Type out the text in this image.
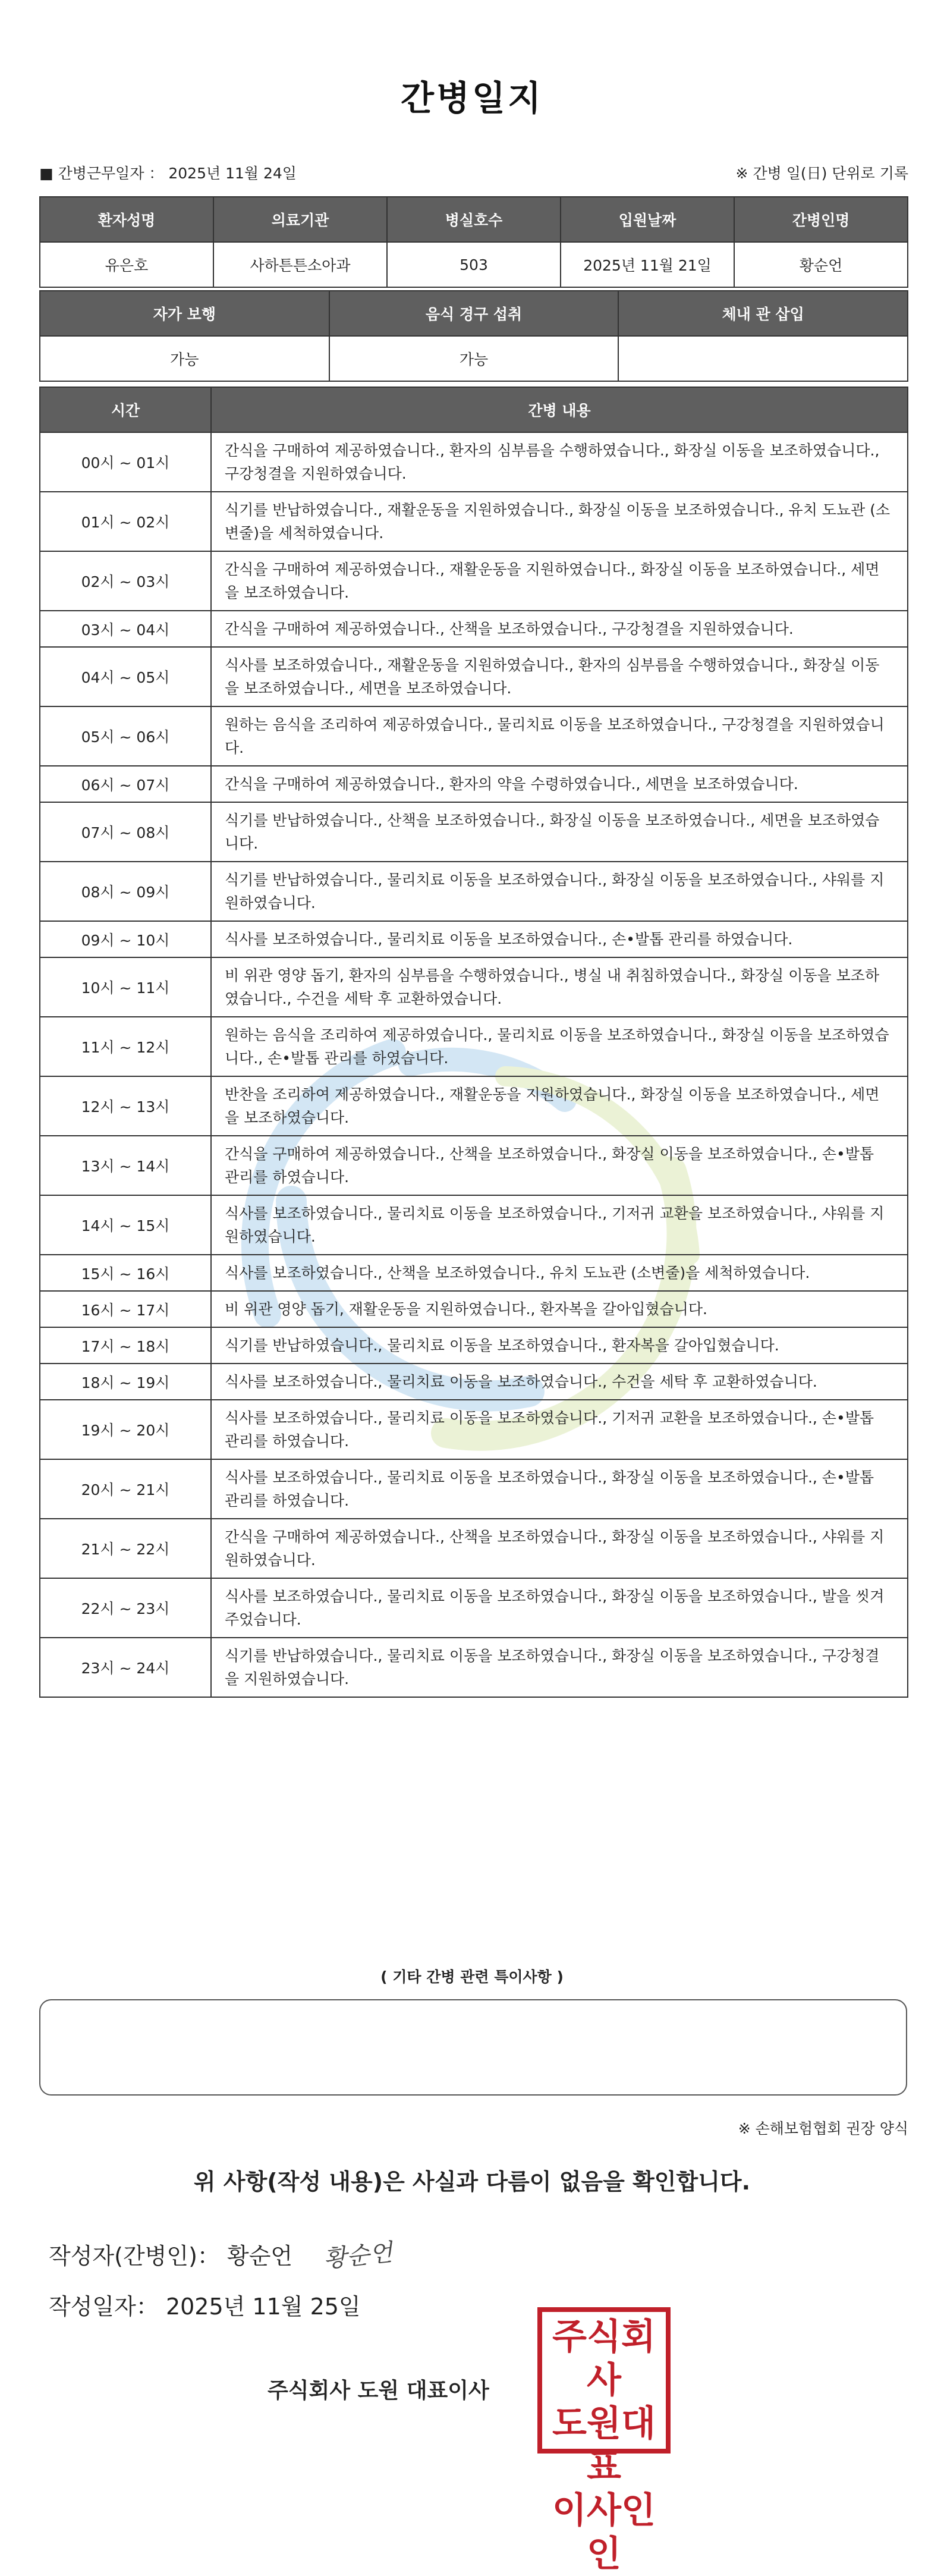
간병일지
■ 간병근무일자 ： 2025년 11월 24일	※ 간병 일(日) 단위로 기록
환자성명	의료기관	병실호수	입원날짜	간병인명
유은호	사하튼튼소아과	503	2025년 11월 21일	황순언
자가 보행	음식 경구 섭취	체내 관 삽입
가능	가능	
시간	간병 내용
00시 ~ 01시	간식을 구매하여 제공하였습니다., 환자의 심부름을 수행하였습니다., 화장실 이동을 보조하였습니다., 구강청결을 지원하였습니다.
01시 ~ 02시	식기를 반납하였습니다., 재활운동을 지원하였습니다., 화장실 이동을 보조하였습니다., 유치 도뇨관 (소변줄)을 세척하였습니다.
02시 ~ 03시	간식을 구매하여 제공하였습니다., 재활운동을 지원하였습니다., 화장실 이동을 보조하였습니다., 세면을 보조하였습니다.
03시 ~ 04시	간식을 구매하여 제공하였습니다., 산책을 보조하였습니다., 구강청결을 지원하였습니다.
04시 ~ 05시	식사를 보조하였습니다., 재활운동을 지원하였습니다., 환자의 심부름을 수행하였습니다., 화장실 이동을 보조하였습니다., 세면을 보조하였습니다.
05시 ~ 06시	원하는 음식을 조리하여 제공하였습니다., 물리치료 이동을 보조하였습니다., 구강청결을 지원하였습니다.
06시 ~ 07시	간식을 구매하여 제공하였습니다., 환자의 약을 수령하였습니다., 세면을 보조하였습니다.
07시 ~ 08시	식기를 반납하였습니다., 산책을 보조하였습니다., 화장실 이동을 보조하였습니다., 세면을 보조하였습니다.
08시 ~ 09시	식기를 반납하였습니다., 물리치료 이동을 보조하였습니다., 화장실 이동을 보조하였습니다., 샤워를 지원하였습니다.
09시 ~ 10시	식사를 보조하였습니다., 물리치료 이동을 보조하였습니다., 손•발톱 관리를 하였습니다.
10시 ~ 11시	비 위관 영양 돕기, 환자의 심부름을 수행하였습니다., 병실 내 취침하였습니다., 화장실 이동을 보조하였습니다., 수건을 세탁 후 교환하였습니다.
11시 ~ 12시	원하는 음식을 조리하여 제공하였습니다., 물리치료 이동을 보조하였습니다., 화장실 이동을 보조하였습니다., 손•발톱 관리를 하였습니다.
12시 ~ 13시	반찬을 조리하여 제공하였습니다., 재활운동을 지원하였습니다., 화장실 이동을 보조하였습니다., 세면을 보조하였습니다.
13시 ~ 14시	간식을 구매하여 제공하였습니다., 산책을 보조하였습니다., 화장실 이동을 보조하였습니다., 손•발톱 관리를 하였습니다.
14시 ~ 15시	식사를 보조하였습니다., 물리치료 이동을 보조하였습니다., 기저귀 교환을 보조하였습니다., 샤워를 지원하였습니다.
15시 ~ 16시	식사를 보조하였습니다., 산책을 보조하였습니다., 유치 도뇨관 (소변줄)을 세척하였습니다.
16시 ~ 17시	비 위관 영양 돕기, 재활운동을 지원하였습니다., 환자복을 갈아입혔습니다.
17시 ~ 18시	식기를 반납하였습니다., 물리치료 이동을 보조하였습니다., 환자복을 갈아입혔습니다.
18시 ~ 19시	식사를 보조하였습니다., 물리치료 이동을 보조하였습니다., 수건을 세탁 후 교환하였습니다.
19시 ~ 20시	식사를 보조하였습니다., 물리치료 이동을 보조하였습니다., 기저귀 교환을 보조하였습니다., 손•발톱 관리를 하였습니다.
20시 ~ 21시	식사를 보조하였습니다., 물리치료 이동을 보조하였습니다., 화장실 이동을 보조하였습니다., 손•발톱 관리를 하였습니다.
21시 ~ 22시	간식을 구매하여 제공하였습니다., 산책을 보조하였습니다., 화장실 이동을 보조하였습니다., 샤워를 지원하였습니다.
22시 ~ 23시	식사를 보조하였습니다., 물리치료 이동을 보조하였습니다., 화장실 이동을 보조하였습니다., 발을 씻겨주었습니다.
23시 ~ 24시	식기를 반납하였습니다., 물리치료 이동을 보조하였습니다., 화장실 이동을 보조하였습니다., 구강청결을 지원하였습니다.
( 기타 간병 관련 특이사항 )
※ 손해보험협회 권장 양식
위 사항(작성 내용)은 사실과 다름이 없음을 확인합니다.
작성자(간병인)： 황순언 황순언
작성일자： 2025년 11월 25일
주식회사 도원 대표이사
주식회사
도원대표
이사인인
